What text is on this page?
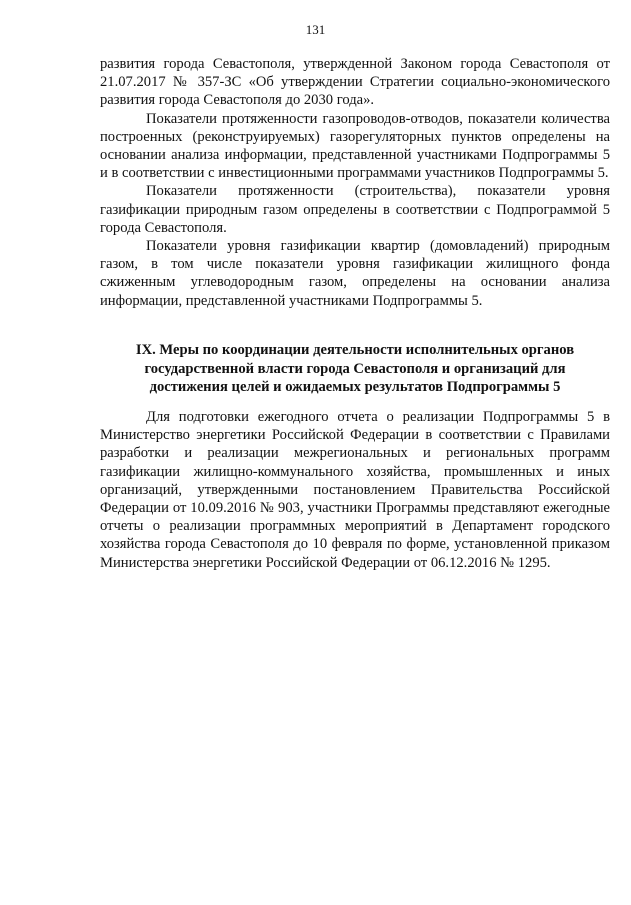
131

развития города Севастополя, утвержденной Законом города Севастополя от 21.07.2017 № 357-ЗС «Об утверждении Стратегии социально-экономического развития города Севастополя до 2030 года».

Показатели протяженности газопроводов-отводов, показатели количества построенных (реконструируемых) газорегуляторных пунктов определены на основании анализа информации, представленной участниками Подпрограммы 5 и в соответствии с инвестиционными программами участников Подпрограммы 5.

Показатели протяженности (строительства), показатели уровня газификации природным газом определены в соответствии с Подпрограммой 5 города Севастополя.

Показатели уровня газификации квартир (домовладений) природным газом, в том числе показатели уровня газификации жилищного фонда сжиженным углеводородным газом, определены на основании анализа информации, представленной участниками Подпрограммы 5.

IX. Меры по координации деятельности исполнительных органов
государственной власти города Севастополя и организаций для
достижения целей и ожидаемых результатов Подпрограммы 5

Для подготовки ежегодного отчета о реализации Подпрограммы 5 в Министерство энергетики Российской Федерации в соответствии с Правилами разработки и реализации межрегиональных и региональных программ газификации жилищно-коммунального хозяйства, промышленных и иных организаций, утвержденными постановлением Правительства Российской Федерации от 10.09.2016 № 903, участники Программы представляют ежегодные отчеты о реализации программных мероприятий в Департамент городского хозяйства города Севастополя до 10 февраля по форме, установленной приказом Министерства энергетики Российской Федерации от 06.12.2016 № 1295.
